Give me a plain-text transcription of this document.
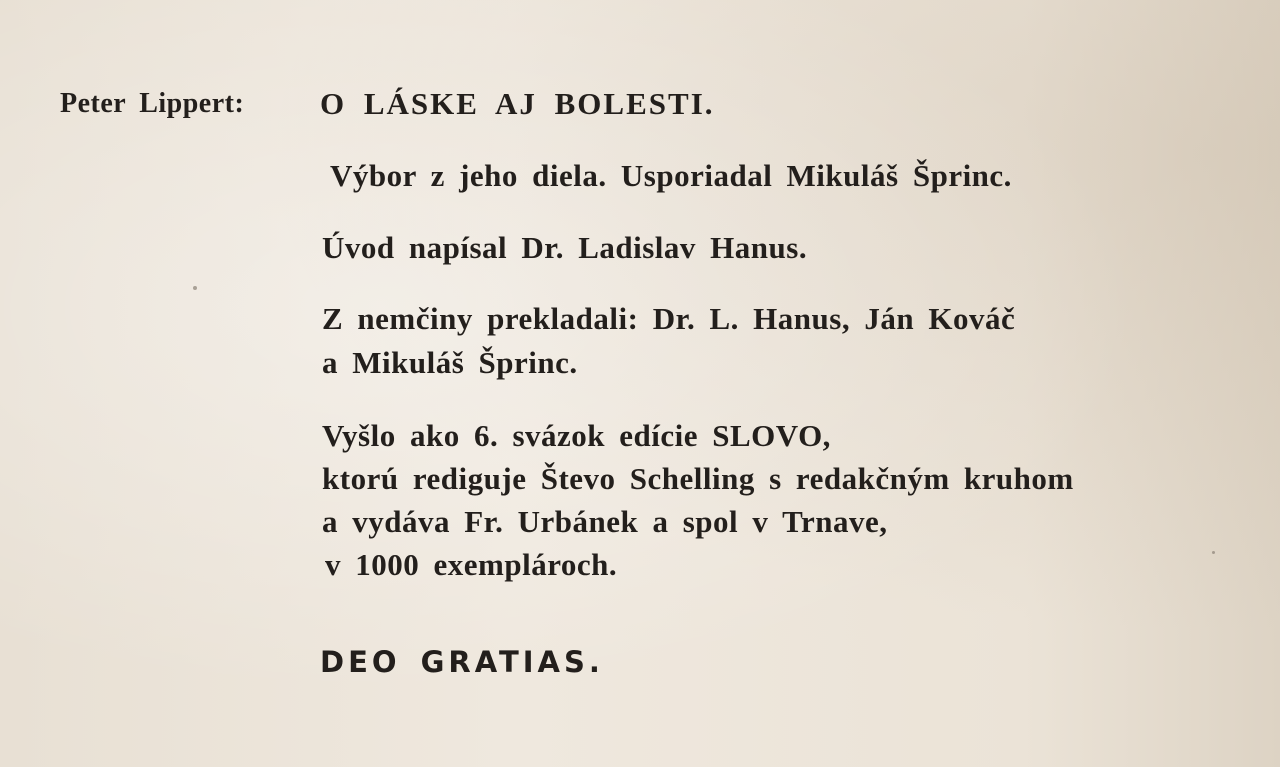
Peter Lippert: O LÁSKE AJ BOLESTI.
Výbor z jeho diela. Usporiadal Mikuláš Šprinc.
Úvod napísal Dr. Ladislav Hanus.
Z nemčiny prekladali: Dr. L. Hanus, Ján Kováč
a Mikuláš Šprinc.
Vyšlo ako 6. svázok edície SLOVO,
ktorú rediguje Števo Schelling s redakčným kruhom
a vydáva Fr. Urbánek a spol v Trnave,
v 1000 exemplároch.
DEO GRATIAS.
